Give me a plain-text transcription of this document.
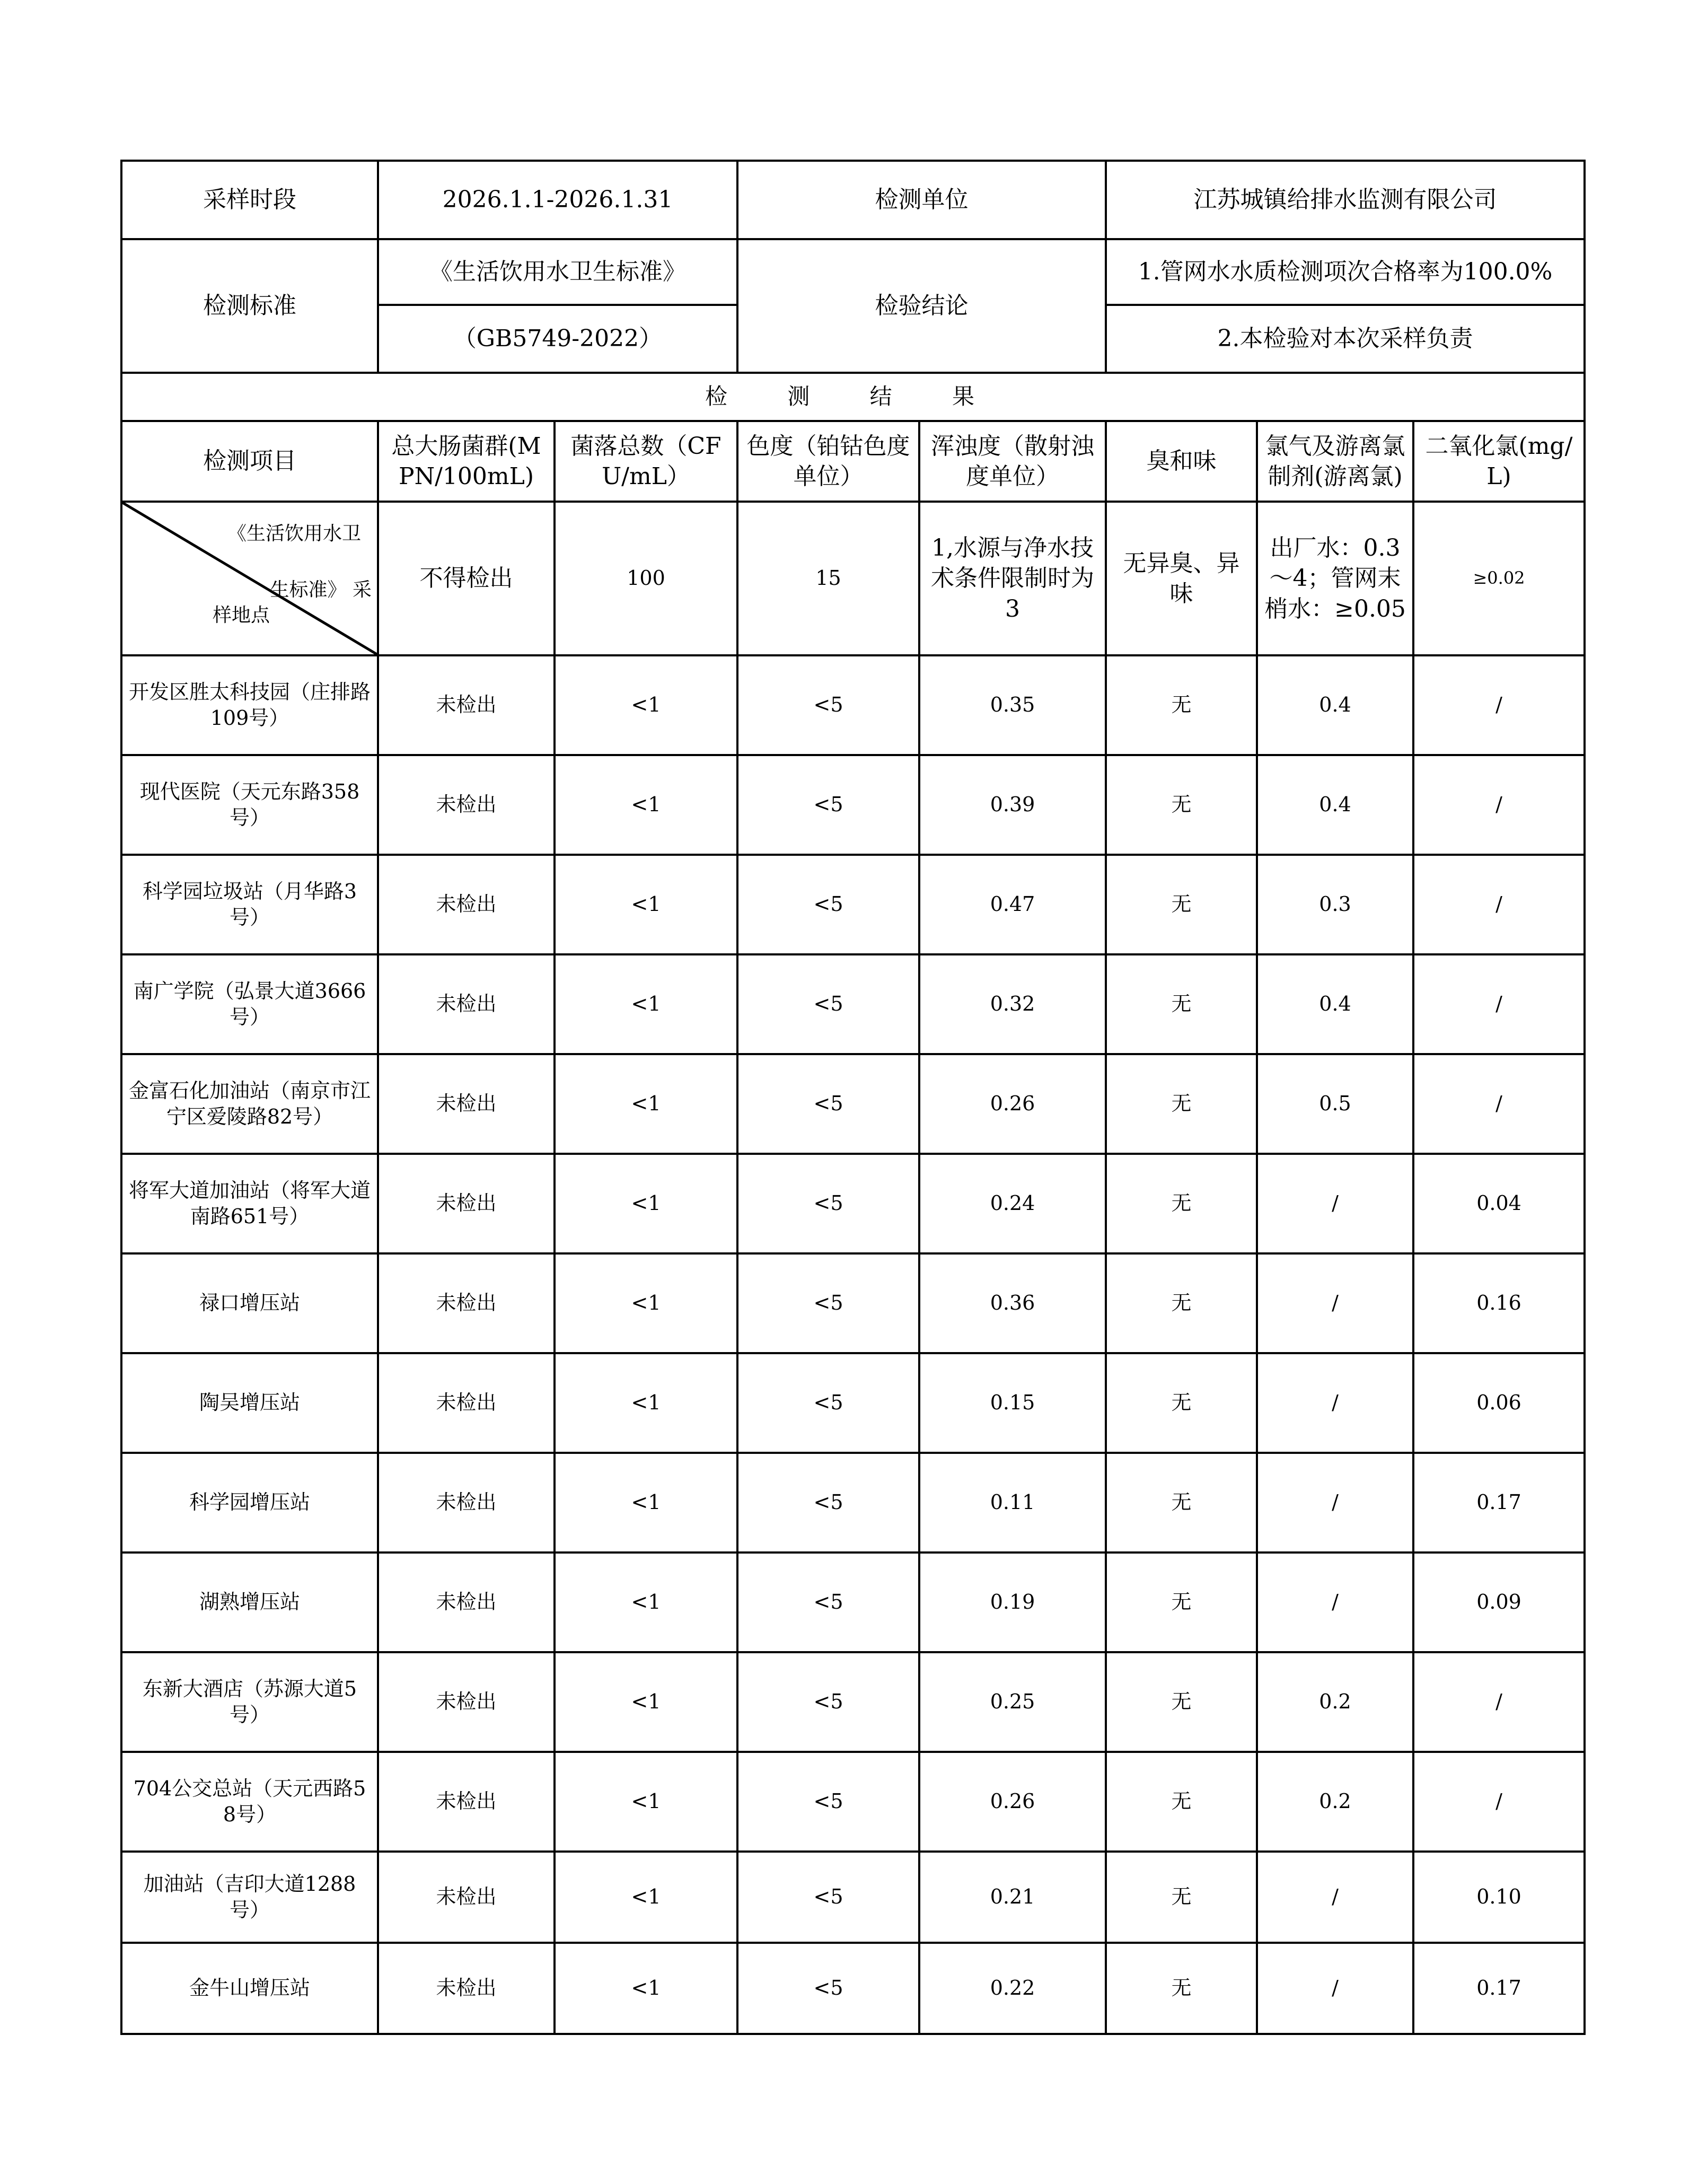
采样时段	2026.1.1-2026.1.31		检测单位		江苏城镇给排水监测有限公司		
检测标准	《生活饮用水卫生标准》		检验结论		1.管网水水质检测项次合格率为100.0%		
	（GB5749-2022）				2.本检验对本次采样负责		
检 测 结 果							
检测项目	总大肠菌群(MPN/100mL)	菌落总数（CFU/mL）	色度（铂钴色度单位）	浑浊度（散射浊度单位）	臭和味	氯气及游离氯制剂(游离氯)	二氧化氯(mg/L)

《生活饮用水卫
生标准》 采
样地点	不得检出	100	15	1,水源与净水技术条件限制时为3	无异臭、异味	出厂水：0.3～4；管网末梢水：≥0.05	≥0.02
开发区胜太科技园（庄排路109号）	未检出	<1	<5	0.35	无	0.4	/
现代医院（天元东路358号）	未检出	<1	<5	0.39	无	0.4	/
科学园垃圾站（月华路3号）	未检出	<1	<5	0.47	无	0.3	/
南广学院（弘景大道3666号）	未检出	<1	<5	0.32	无	0.4	/
金富石化加油站（南京市江宁区爱陵路82号）	未检出	<1	<5	0.26	无	0.5	/
将军大道加油站（将军大道南路651号）	未检出	<1	<5	0.24	无	/	0.04
禄口增压站	未检出	<1	<5	0.36	无	/	0.16
陶吴增压站	未检出	<1	<5	0.15	无	/	0.06
科学园增压站	未检出	<1	<5	0.11	无	/	0.17
湖熟增压站	未检出	<1	<5	0.19	无	/	0.09
东新大酒店（苏源大道5号）	未检出	<1	<5	0.25	无	0.2	/
704公交总站（天元西路58号）	未检出	<1	<5	0.26	无	0.2	/
加油站（吉印大道1288号）	未检出	<1	<5	0.21	无	/	0.10
金牛山增压站	未检出	<1	<5	0.22	无	/	0.17
